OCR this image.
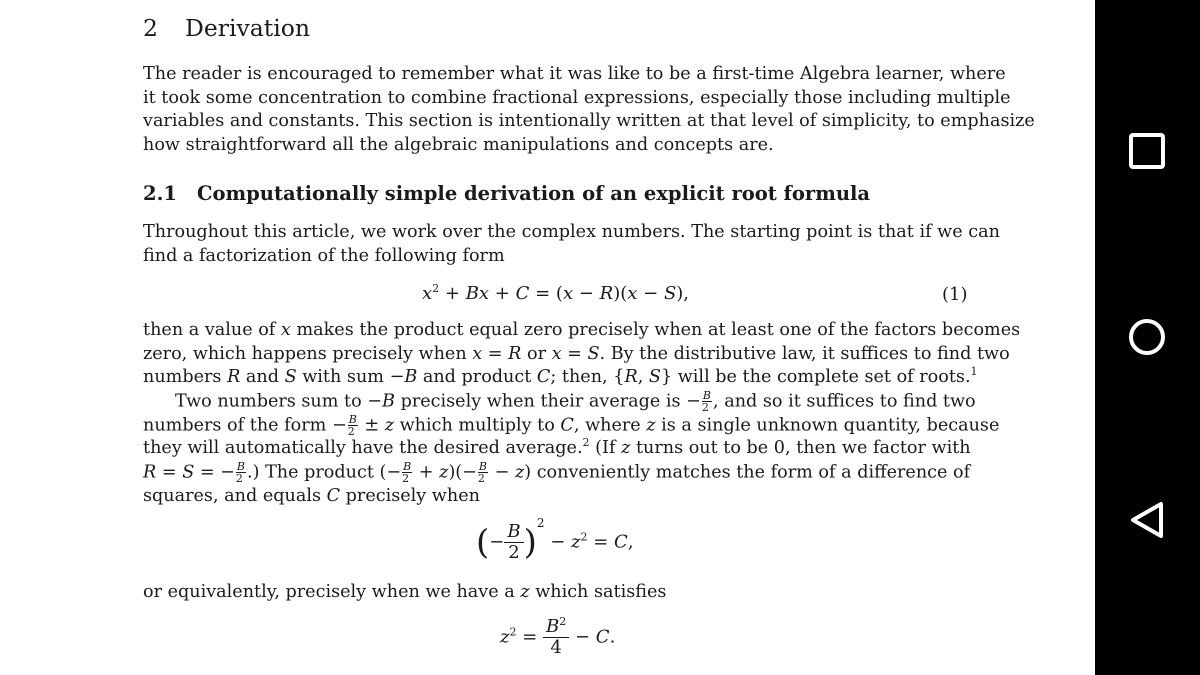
2 Derivation
The reader is encouraged to remember what it was like to be a first-time Algebra learner, where
it took some concentration to combine fractional expressions, especially those including multiple
variables and constants. This section is intentionally written at that level of simplicity, to emphasize
how straightforward all the algebraic manipulations and concepts are.
2.1 Computationally simple derivation of an explicit root formula
Throughout this article, we work over the complex numbers. The starting point is that if we can
find a factorization of the following form
$x^2 + Bx + C = (x - R)(x - S)$,	(1)
then a value of x makes the product equal zero precisely when at least one of the factors becomes
zero, which happens precisely when x = R or x = S. By the distributive law, it suffices to find two
numbers R and S with sum −B and product C; then, {R, S} will be the complete set of roots.$^1$
Two numbers sum to −B precisely when their average is − $\frac{B}{2}$ , and so it suffices to find two
numbers of the form − $\frac{B}{2} \pm z$ which multiply to C, where z is a single unknown quantity, because
they will automatically have the desired average.$^2$ (If z turns out to be 0, then we factor with
R = S = − $\frac{B}{2}$ .) The product (− $\frac{B}{2} + z)(- \frac{B}{2} - z)$ conveniently matches the form of a difference of
squares, and equals C precisely when
(− $\frac{B}{2} )^2 - z^2 = C$,
or equivalently, precisely when we have a z which satisfies
$z^2 = \frac{B^2}{4} - C$.
